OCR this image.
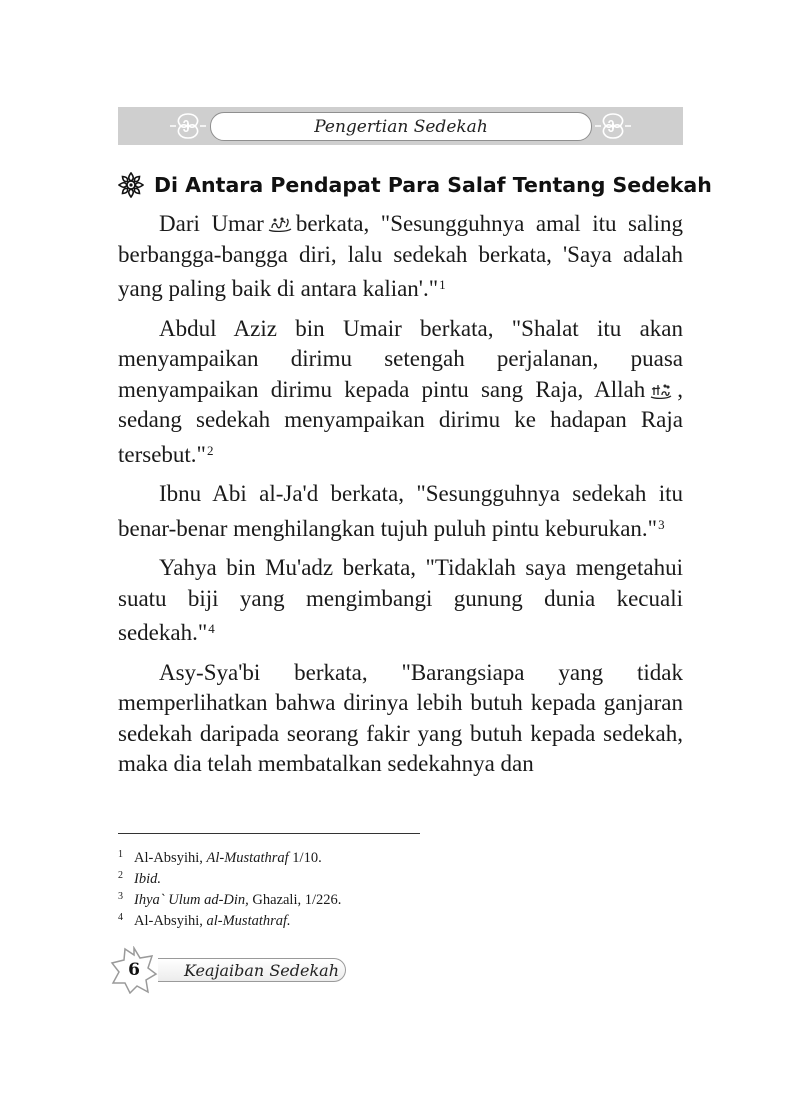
Pengertian Sedekah
Di Antara Pendapat Para Salaf Tentang Sedekah

Dari Umar berkata, "Sesungguhnya amal itu saling berbangga-bangga diri, lalu sedekah berkata, 'Saya adalah yang paling baik di antara kalian'."$^1$

Abdul Aziz bin Umair berkata, "Shalat itu akan menyampaikan dirimu setengah perjalanan, puasa menyampaikan dirimu kepada pintu sang Raja, Allah , sedang sedekah menyampaikan dirimu ke hadapan Raja tersebut."$^2$

Ibnu Abi al-Ja'd berkata, "Sesungguhnya sedekah itu benar-benar menghilangkan tujuh puluh pintu keburukan."$^3$

Yahya bin Mu'adz berkata, "Tidaklah saya mengetahui suatu biji yang mengimbangi gunung dunia kecuali sedekah."$^4$

Asy-Sya'bi berkata, "Barangsiapa yang tidak memperlihatkan bahwa dirinya lebih butuh kepada ganjaran sedekah daripada seorang fakir yang butuh kepada sedekah, maka dia telah membatalkan sedekahnya dan

1 Al-Absyihi, Al-Mustathraf 1/10.
2 Ibid.
3 Ihya` Ulum ad-Din, Ghazali, 1/226.
4 Al-Absyihi, al-Mustathraf.
Keajaiban Sedekah
6
